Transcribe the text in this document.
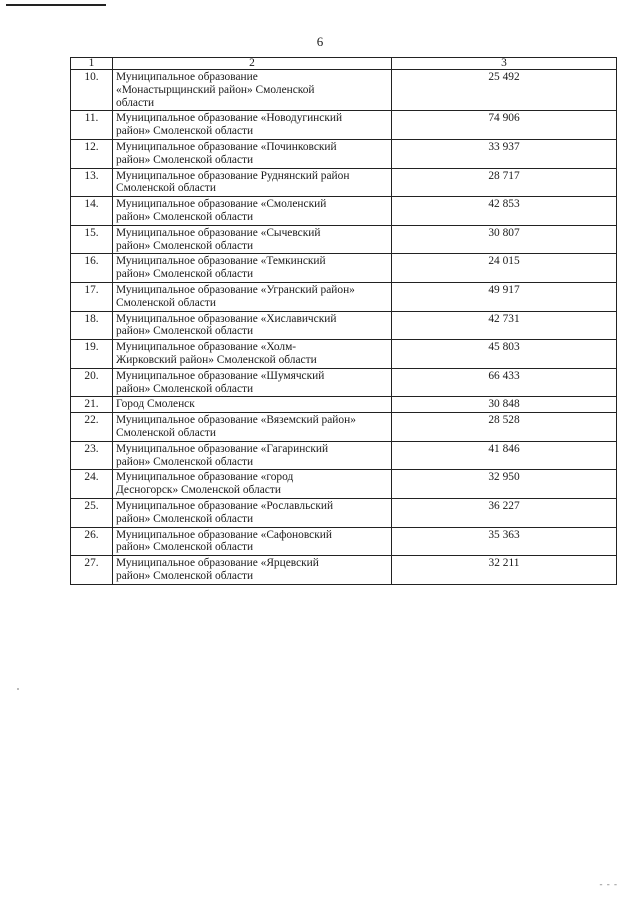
6
1	2	3
10.	Муниципальное образование
«Монастырщинский район» Смоленской
области	25 492
11.	Муниципальное образование «Новодугинский
район» Смоленской области	74 906
12.	Муниципальное образование «Починковский
район» Смоленской области	33 937
13.	Муниципальное образование Руднянский район
Смоленской области	28 717
14.	Муниципальное образование «Смоленский
район» Смоленской области	42 853
15.	Муниципальное образование «Сычевский
район» Смоленской области	30 807
16.	Муниципальное образование «Темкинский
район» Смоленской области	24 015
17.	Муниципальное образование «Угранский район»
Смоленской области	49 917
18.	Муниципальное образование «Хиславичский
район» Смоленской области	42 731
19.	Муниципальное образование «Холм-
Жирковский район» Смоленской области	45 803
20.	Муниципальное образование «Шумячский
район» Смоленской области	66 433
21.	Город Смоленск	30 848
22.	Муниципальное образование «Вяземский район»
Смоленской области	28 528
23.	Муниципальное образование «Гагаринский
район» Смоленской области	41 846
24.	Муниципальное образование «город
Десногорск» Смоленской области	32 950
25.	Муниципальное образование «Рославльский
район» Смоленской области	36 227
26.	Муниципальное образование «Сафоновский
район» Смоленской области	35 363
27.	Муниципальное образование «Ярцевский
район» Смоленской области	32 211
- - -
